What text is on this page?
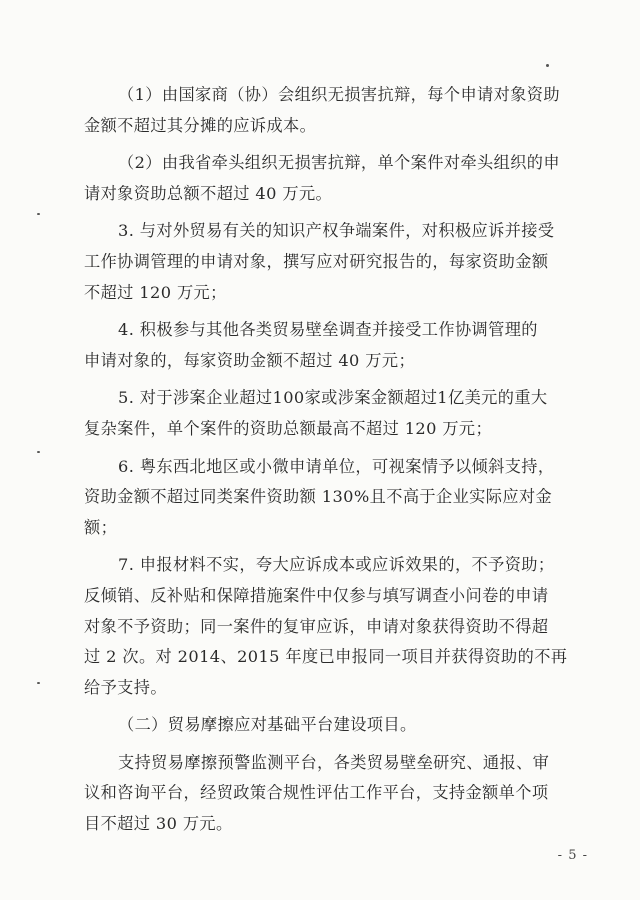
（1）由国家商（协）会组织无损害抗辩，每个申请对象资助
金额不超过其分摊的应诉成本。

（2）由我省牵头组织无损害抗辩，单个案件对牵头组织的申
请对象资助总额不超过 40 万元。

3. 与对外贸易有关的知识产权争端案件，对积极应诉并接受
工作协调管理的申请对象，撰写应对研究报告的，每家资助金额
不超过 120 万元；

4. 积极参与其他各类贸易壁垒调查并接受工作协调管理的
申请对象的，每家资助金额不超过 40 万元；

5. 对于涉案企业超过100家或涉案金额超过1亿美元的重大
复杂案件，单个案件的资助总额最高不超过 120 万元；

6. 粤东西北地区或小微申请单位，可视案情予以倾斜支持，
资助金额不超过同类案件资助额 130%且不高于企业实际应对金
额；

7. 申报材料不实，夸大应诉成本或应诉效果的，不予资助；
反倾销、反补贴和保障措施案件中仅参与填写调查小问卷的申请
对象不予资助；同一案件的复审应诉，申请对象获得资助不得超
过 2 次。对 2014、2015 年度已申报同一项目并获得资助的不再
给予支持。

（二）贸易摩擦应对基础平台建设项目。

支持贸易摩擦预警监测平台，各类贸易壁垒研究、通报、审
议和咨询平台，经贸政策合规性评估工作平台，支持金额单个项
目不超过 30 万元。

- 5 -
